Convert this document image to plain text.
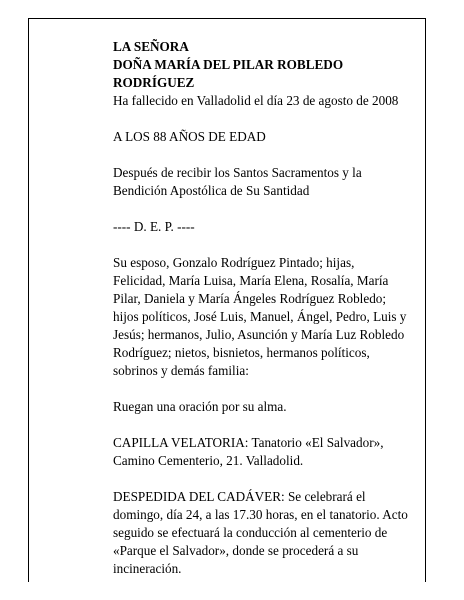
LA SEÑORA

DOÑA MARÍA DEL PILAR ROBLEDO

RODRÍGUEZ

Ha fallecido en Valladolid el día 23 de agosto de 2008

A LOS 88 AÑOS DE EDAD

Después de recibir los Santos Sacramentos y la

Bendición Apostólica de Su Santidad

---- D. E. P. ----

Su esposo, Gonzalo Rodríguez Pintado; hijas,

Felicidad, María Luisa, María Elena, Rosalía, María

Pilar, Daniela y María Ángeles Rodríguez Robledo;

hijos políticos, José Luis, Manuel, Ángel, Pedro, Luis y

Jesús; hermanos, Julio, Asunción y María Luz Robledo

Rodríguez; nietos, bisnietos, hermanos políticos,

sobrinos y demás familia:

Ruegan una oración por su alma.

CAPILLA VELATORIA: Tanatorio «El Salvador»,

Camino Cementerio, 21. Valladolid.

DESPEDIDA DEL CADÁVER: Se celebrará el

domingo, día 24, a las 17.30 horas, en el tanatorio. Acto

seguido se efectuará la conducción al cementerio de

«Parque el Salvador», donde se procederá a su

incineración.
